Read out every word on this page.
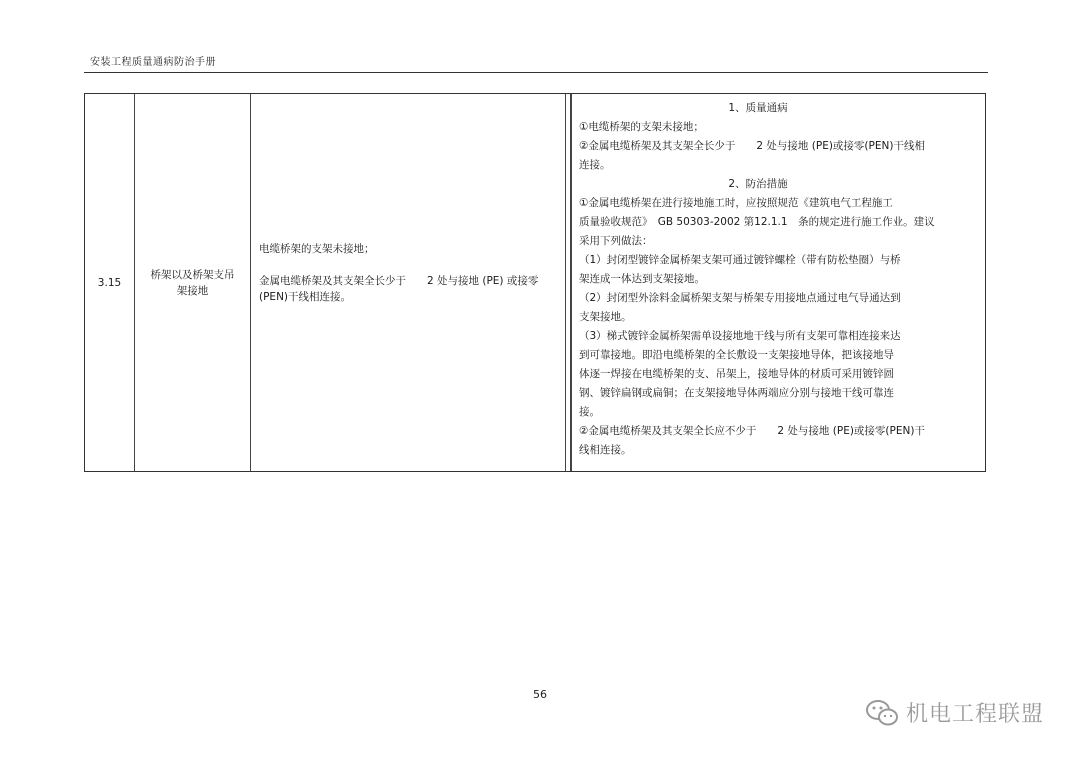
安装工程质量通病防治手册
3.15
桥架以及桥架支吊架接地

电缆桥架的支架未接地；

金属电缆桥架及其支架全长少于　　2 处与接地 (PE) 或接零(PEN)干线相连接。

1、质量通病

①电缆桥架的支架未接地；

②金属电缆桥架及其支架全长少于　　2 处与接地 (PE)或接零(PEN)干线相

连接。

2、防治措施

①金属电缆桥架在进行接地施工时，应按照规范《建筑电气工程施工

质量验收规范》　GB 50303-2002 第12.1.1　条的规定进行施工作业。建议

采用下列做法：

（1）封闭型镀锌金属桥架支架可通过镀锌螺栓（带有防松垫圈）与桥

架连成一体达到支架接地。

（2）封闭型外涂料金属桥架支架与桥架专用接地点通过电气导通达到

支架接地。

（3）梯式镀锌金属桥架需单设接地地干线与所有支架可靠相连接来达

到可靠接地。即沿电缆桥架的全长敷设一支架接地导体，把该接地导

体逐一焊接在电缆桥架的支、吊架上，接地导体的材质可采用镀锌圆

钢、镀锌扁钢或扁铜；在支架接地导体两端应分别与接地干线可靠连

接。

②金属电缆桥架及其支架全长应不少于　　2 处与接地 (PE)或接零(PEN)干

线相连接。

56
机电工程联盟
